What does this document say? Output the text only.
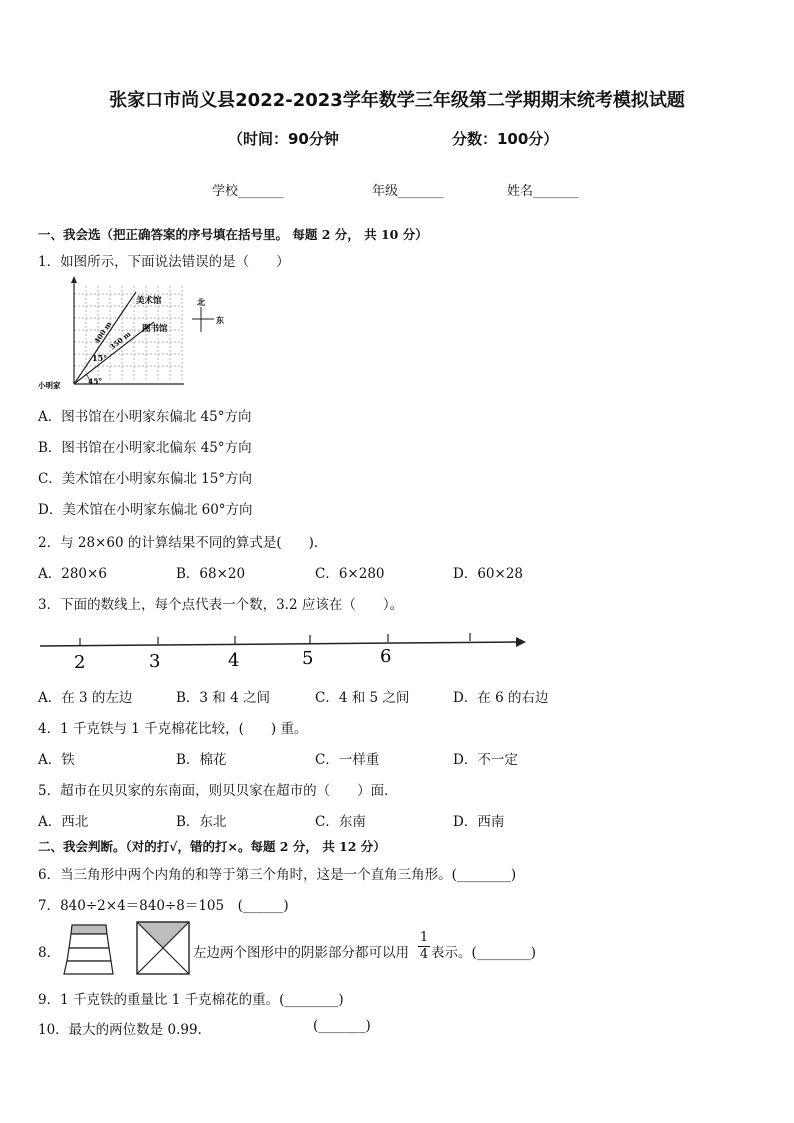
张家口市尚义县2022-2023学年数学三年级第二学期期末统考模拟试题
（时间：90分钟	分数：100分）
学校_______	年级_______	姓名_______
一、我会选（把正确答案的序号填在括号里。 每题 2 分， 共 10 分）
1．如图所示，下面说法错误的是（　　）
美术馆
图书馆
小明家
400 m
350 m
15°
45°
北
东
A．图书馆在小明家东偏北 45°方向
B．图书馆在小明家北偏东 45°方向
C．美术馆在小明家东偏北 15°方向
D．美术馆在小明家东偏北 60°方向
2．与 28×60 的计算结果不同的算式是(　　)．
A．280×6	B．68×20	C．6×280	D．60×28
3．下面的数线上，每个点代表一个数，3.2 应该在（　　）。
2	3	4	5	6
A．在 3 的左边	B．3 和 4 之间	C．4 和 5 之间	D．在 6 的右边
4．1 千克铁与 1 千克棉花比较，(　　) 重。
A．铁	B．棉花	C．一样重	D．不一定
5．超市在贝贝家的东南面，则贝贝家在超市的（　　）面．
A．西北	B．东北	C．东南	D．西南
二、我会判断。（对的打√，错的打×。每题 2 分， 共 12 分）
6．当三角形中两个内角的和等于第三个角时，这是一个直角三角形。(________)
7．840÷2×4＝840÷8＝105　(______)
8．	左边两个图形中的阴影部分都可以用 $\frac{1}{4}$ 表示。(________)
9．1 千克铁的重量比 1 千克棉花的重。(________)
10．最大的两位数是 0.99.	(_______)
